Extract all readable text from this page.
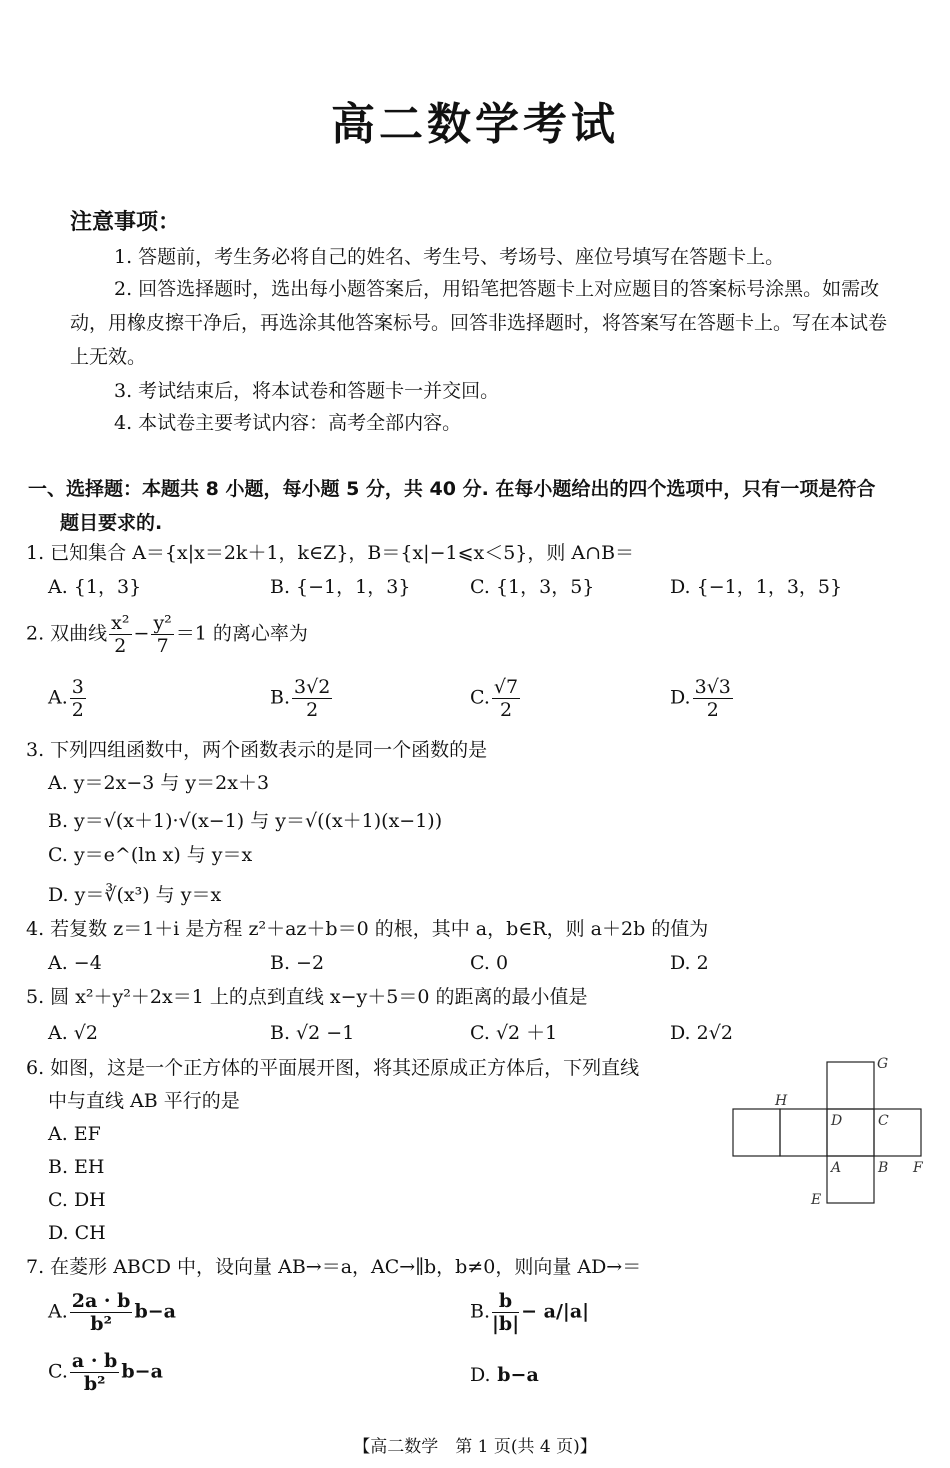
高二数学考试
注意事项：
1. 答题前，考生务必将自己的姓名、考生号、考场号、座位号填写在答题卡上。
2. 回答选择题时，选出每小题答案后，用铅笔把答题卡上对应题目的答案标号涂黑。如需改动，用橡皮擦干净后，再选涂其他答案标号。回答非选择题时，将答案写在答题卡上。写在本试卷上无效。
3. 考试结束后，将本试卷和答题卡一并交回。
4. 本试卷主要考试内容：高考全部内容。
一、选择题：本题共 8 小题，每小题 5 分，共 40 分. 在每小题给出的四个选项中，只有一项是符合
题目要求的.
1. 已知集合 A＝{x|x＝2k＋1，k∈Z}，B＝{x|−1⩽x＜5}，则 A∩B＝
A. {1，3}	B. {−1，1，3}	C. {1，3，5}	D. {−1，1，3，5}
2. 双曲线 $\frac{\text{x²}}{2} - \frac{\text{y²}}{7} =1$ 的离心率为
A. $\frac{3}{2}$	B. $\frac{3√2}{2}$	C. $\frac{√7}{2}$	D. $\frac{3√3}{2}$
3. 下列四组函数中，两个函数表示的是同一个函数的是
A. y＝2x−3 与 y＝2x＋3
B. y＝√(x＋1)·√(x−1) 与 y＝√((x＋1)(x−1))
C. y＝e^(ln x) 与 y＝x
D. y＝∛(x³) 与 y＝x
4. 若复数 z＝1＋i 是方程 z²＋az＋b＝0 的根，其中 a，b∈R，则 a＋2b 的值为
A. −4	B. −2	C. 0	D. 2
5. 圆 x²＋y²＋2x＝1 上的点到直线 x−y＋5＝0 的距离的最小值是
A. √2	B. √2 −1	C. √2 ＋1	D. 2√2
6. 如图，这是一个正方体的平面展开图，将其还原成正方体后，下列直线
中与直线 AB 平行的是
A. EF
B. EH
C. DH
D. CH
G
H
D	C
A	B F
E
7. 在菱形 ABCD 中，设向量 AB→＝a，AC→∥b，b≠0，则向量 AD→＝
A. $\frac{2a \cdot b}{\text{b²}} b-a$	B. $\frac{b}{|b|} - a/|a|$
C. $\frac{a \cdot b}{\text{b²}} b-a$	D. b−a
【高二数学　第 1 页(共 4 页)】
